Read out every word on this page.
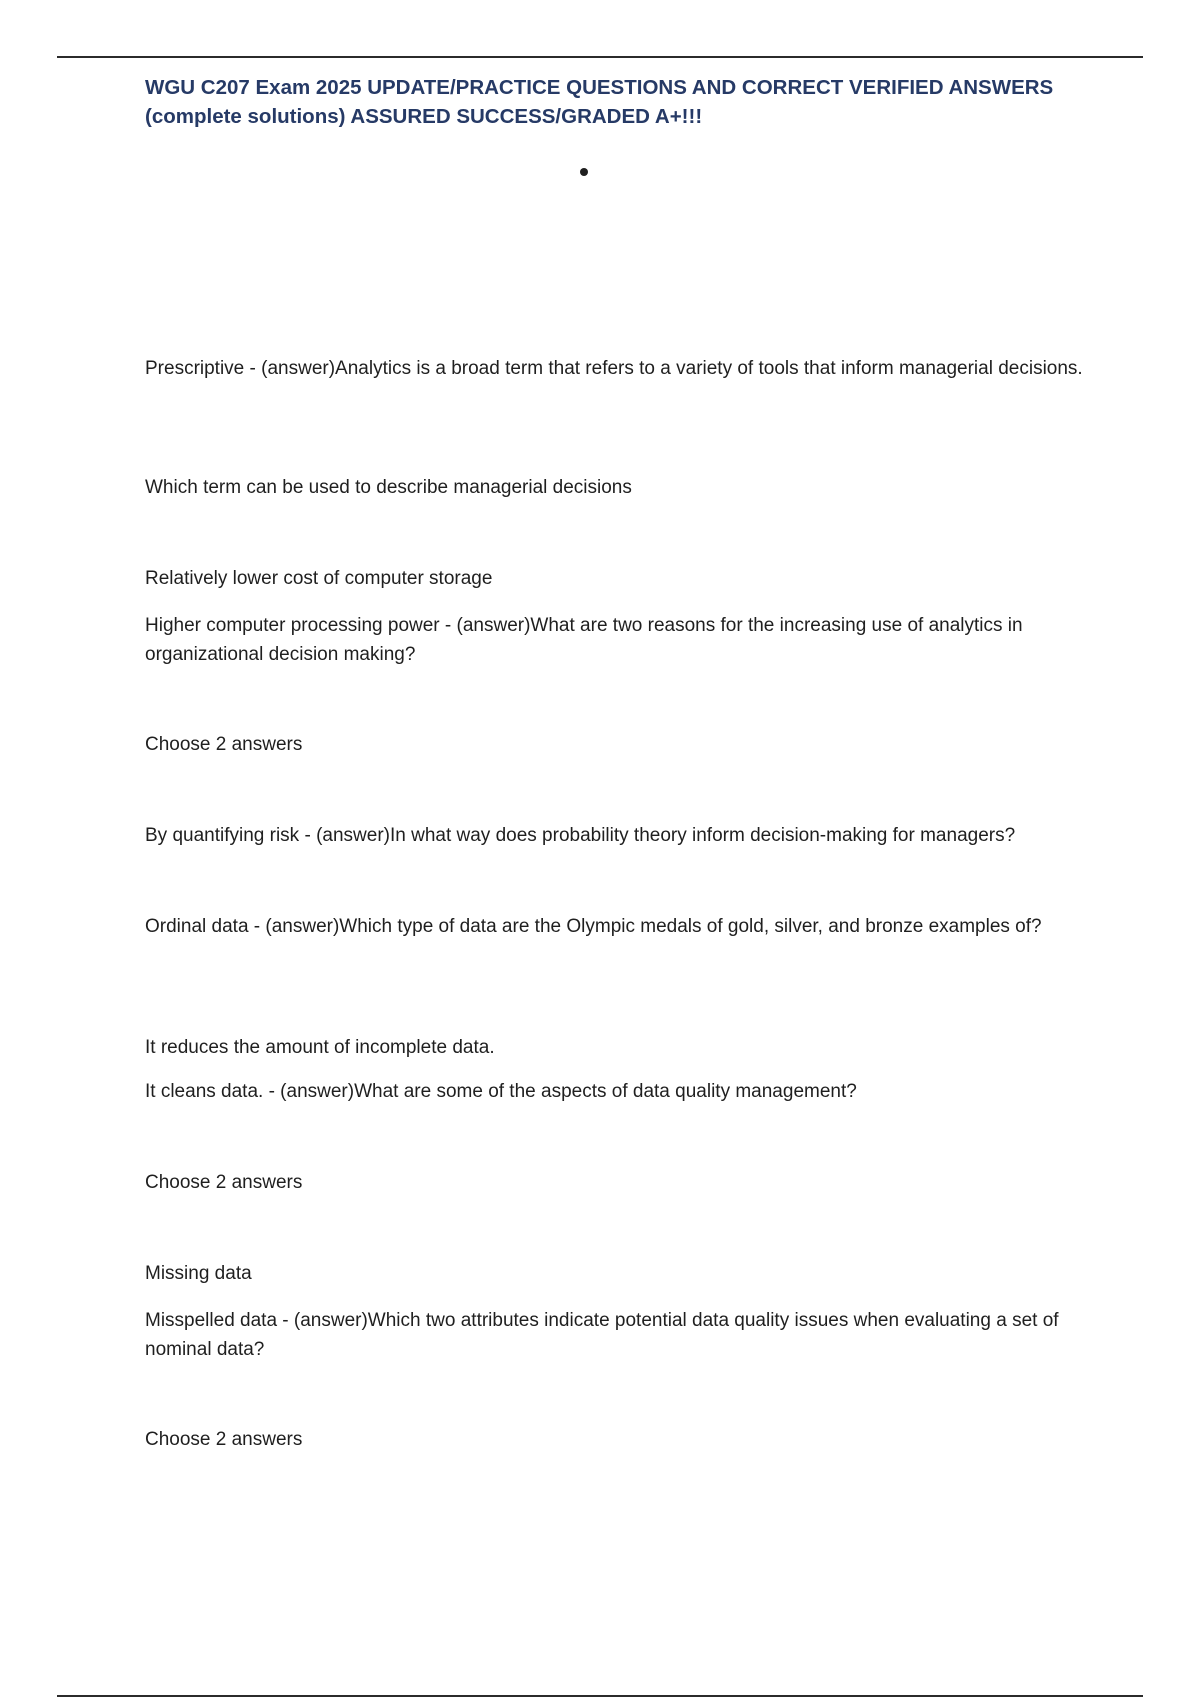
WGU C207 Exam 2025 UPDATE/PRACTICE QUESTIONS AND CORRECT VERIFIED ANSWERS (complete solutions) ASSURED SUCCESS/GRADED A+!!!

Prescriptive - (answer)Analytics is a broad term that refers to a variety of tools that inform managerial decisions.

Which term can be used to describe managerial decisions

Relatively lower cost of computer storage

Higher computer processing power - (answer)What are two reasons for the increasing use of analytics in organizational decision making?

Choose 2 answers

By quantifying risk - (answer)In what way does probability theory inform decision-making for managers?

Ordinal data - (answer)Which type of data are the Olympic medals of gold, silver, and bronze examples of?

It reduces the amount of incomplete data.

It cleans data. - (answer)What are some of the aspects of data quality management?

Choose 2 answers

Missing data

Misspelled data - (answer)Which two attributes indicate potential data quality issues when evaluating a set of nominal data?

Choose 2 answers
